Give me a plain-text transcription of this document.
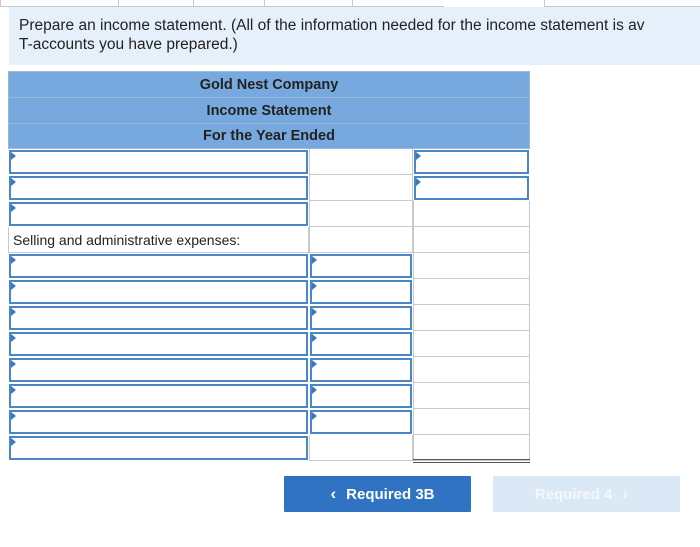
Prepare an income statement. (All of the information needed for the income statement is av
T-accounts you have prepared.)
Gold Nest Company
Income Statement
For the Year Ended
Selling and administrative expenses:
‹ Required 3B	Required 4 ›
